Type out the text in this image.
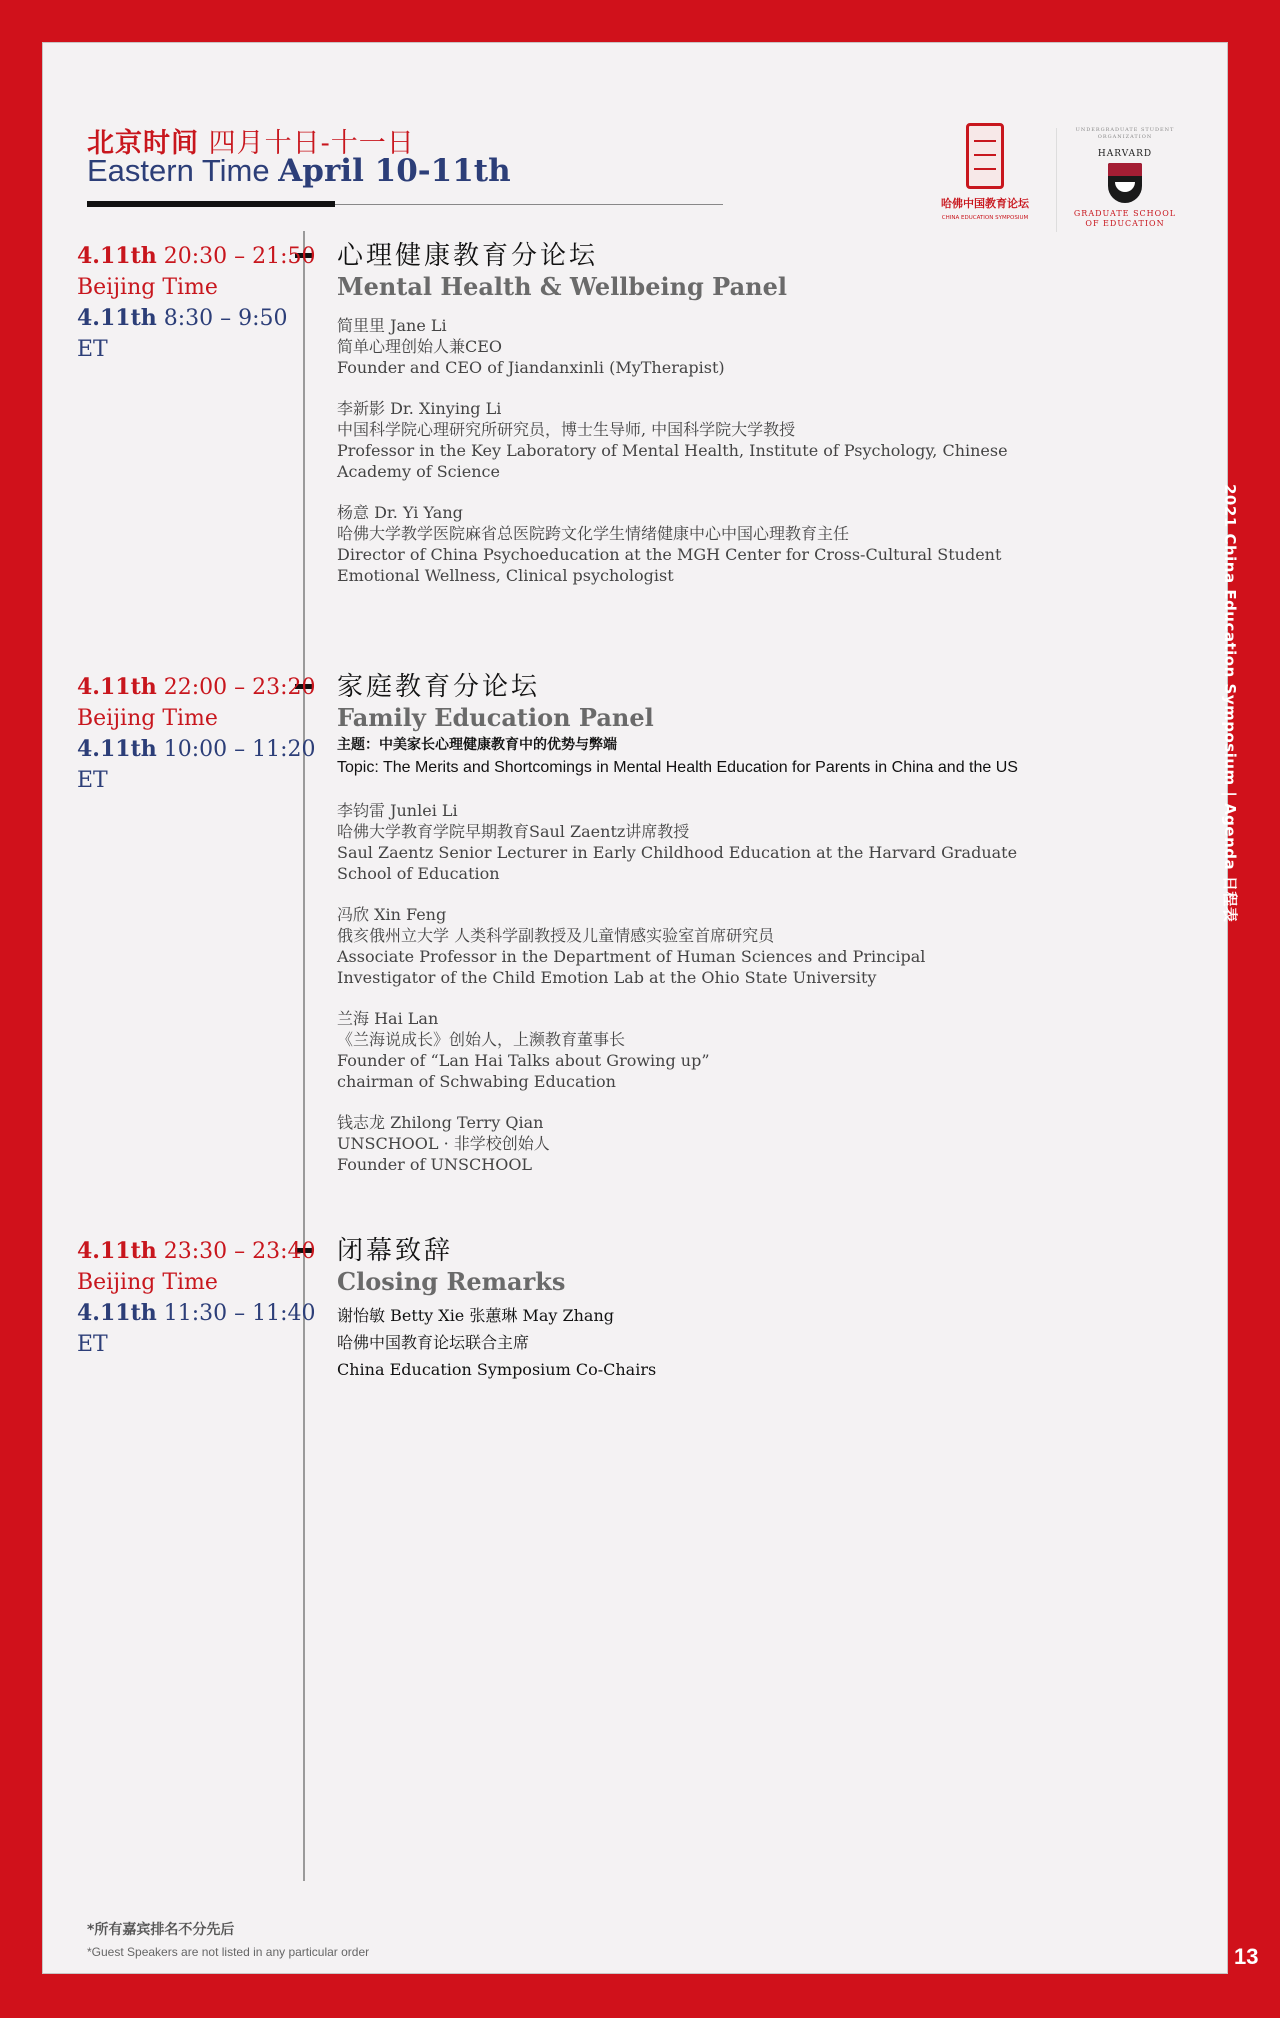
北京时间 四月十日-十一日
Eastern Time April 10-11th
哈佛中国教育论坛
CHINA EDUCATION SYMPOSIUM
UNDERGRADUATE STUDENT ORGANIZATION
HARVARD
GRADUATE SCHOOL
OF EDUCATION
4.11th 20:30 – 21:50
Beijing Time
4.11th 8:30 – 9:50
ET
心理健康教育分论坛
Mental Health & Wellbeing Panel
简里里 Jane Li
简单心理创始人兼CEO
Founder and CEO of Jiandanxinli (MyTherapist)
李新影 Dr. Xinying Li
中国科学院心理研究所研究员，博士生导师, 中国科学院大学教授
Professor in the Key Laboratory of Mental Health, Institute of Psychology, Chinese
Academy of Science
杨意 Dr. Yi Yang
哈佛大学教学医院麻省总医院跨文化学生情绪健康中心中国心理教育主任
Director of China Psychoeducation at the MGH Center for Cross-Cultural Student
Emotional Wellness, Clinical psychologist
4.11th 22:00 – 23:20
Beijing Time
4.11th 10:00 – 11:20
ET
家庭教育分论坛
Family Education Panel
主题：中美家长心理健康教育中的优势与弊端
Topic: The Merits and Shortcomings in Mental Health Education for Parents in China and the US
李钧雷 Junlei Li
哈佛大学教育学院早期教育Saul Zaentz讲席教授
Saul Zaentz Senior Lecturer in Early Childhood Education at the Harvard Graduate
School of Education
冯欣 Xin Feng
俄亥俄州立大学 人类科学副教授及儿童情感实验室首席研究员
Associate Professor in the Department of Human Sciences and Principal
Investigator of the Child Emotion Lab at the Ohio State University
兰海 Hai Lan
《兰海说成长》创始人，上濒教育董事长
Founder of “Lan Hai Talks about Growing up”
chairman of Schwabing Education
钱志龙 Zhilong Terry Qian
UNSCHOOL · 非学校创始人
Founder of UNSCHOOL
4.11th 23:30 – 23:40
Beijing Time
4.11th 11:30 – 11:40
ET
闭幕致辞
Closing Remarks
谢怡敏 Betty Xie 张蕙琳 May Zhang
哈佛中国教育论坛联合主席
China Education Symposium Co-Chairs
*所有嘉宾排名不分先后
*Guest Speakers are not listed in any particular order
2021 China Education Symposium | Agenda 日程表
13
